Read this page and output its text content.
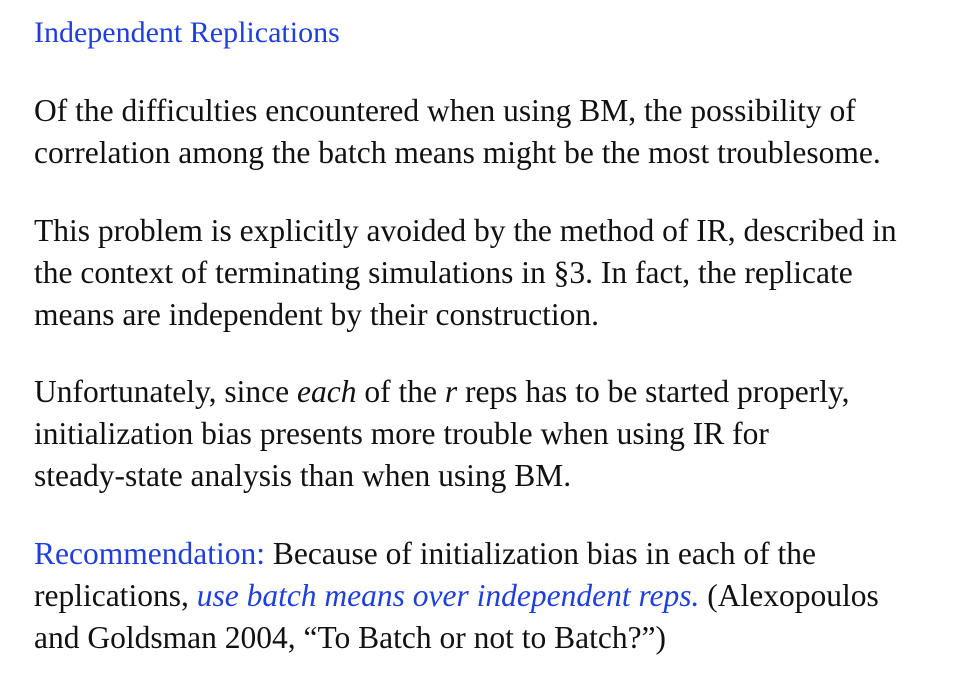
Independent Replications
Of the difficulties encountered when using BM, the possibility of
correlation among the batch means might be the most troublesome.
This problem is explicitly avoided by the method of IR, described in
the context of terminating simulations in §3. In fact, the replicate
means are independent by their construction.
Unfortunately, since each of the r reps has to be started properly,
initialization bias presents more trouble when using IR for
steady-state analysis than when using BM.
Recommendation: Because of initialization bias in each of the
replications, use batch means over independent reps. (Alexopoulos
and Goldsman 2004, “To Batch or not to Batch?”)
